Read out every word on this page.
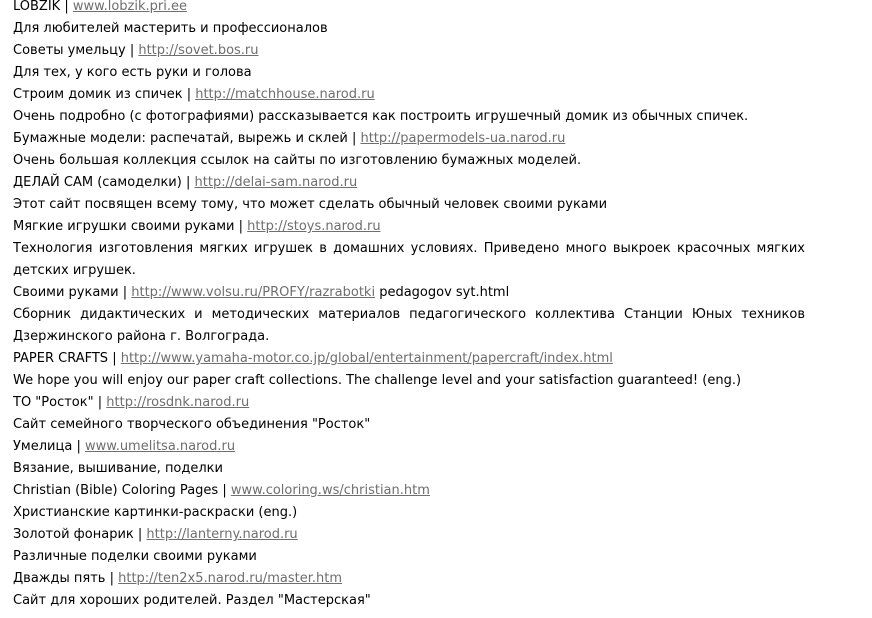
LOBZIK | www.lobzik.pri.ee
Для любителей мастерить и профессионалов
Советы умельцу | http://sovet.bos.ru
Для тех, у кого есть руки и голова
Строим домик из спичек | http://matchhouse.narod.ru
Очень подробно (с фотографиями) рассказывается как построить игрушечный домик из обычных спичек.
Бумажные модели: распечатай, вырежь и склей | http://papermodels-ua.narod.ru
Очень большая коллекция ссылок на сайты по изготовлению бумажных моделей.
ДЕЛАЙ САМ (самоделки) | http://delai-sam.narod.ru
Этот сайт посвящен всему тому, что может сделать обычный человек своими руками
Мягкие игрушки своими руками | http://stoys.narod.ru
Технология изготовления мягких игрушек в домашних условиях. Приведено много выкроек красочных мягких
детских игрушек.
Своими руками | http://www.volsu.ru/PROFY/razrabotki pedagogov syt.html
Сборник дидактических и методических материалов педагогического коллектива Станции Юных техников
Дзержинского района г. Волгограда.
PAPER CRAFTS | http://www.yamaha-motor.co.jp/global/entertainment/papercraft/index.html
We hope you will enjoy our paper craft collections. The challenge level and your satisfaction guaranteed! (eng.)
ТО "Росток" | http://rosdnk.narod.ru
Сайт семейного творческого объединения "Росток"
Умелица | www.umelitsa.narod.ru
Вязание, вышивание, поделки
Christian (Bible) Coloring Pages | www.coloring.ws/christian.htm
Христианские картинки-раскраски (eng.)
Золотой фонарик | http://lanterny.narod.ru
Различные поделки своими руками
Дважды пять | http://ten2x5.narod.ru/master.htm
Сайт для хороших родителей. Раздел "Мастерская"
